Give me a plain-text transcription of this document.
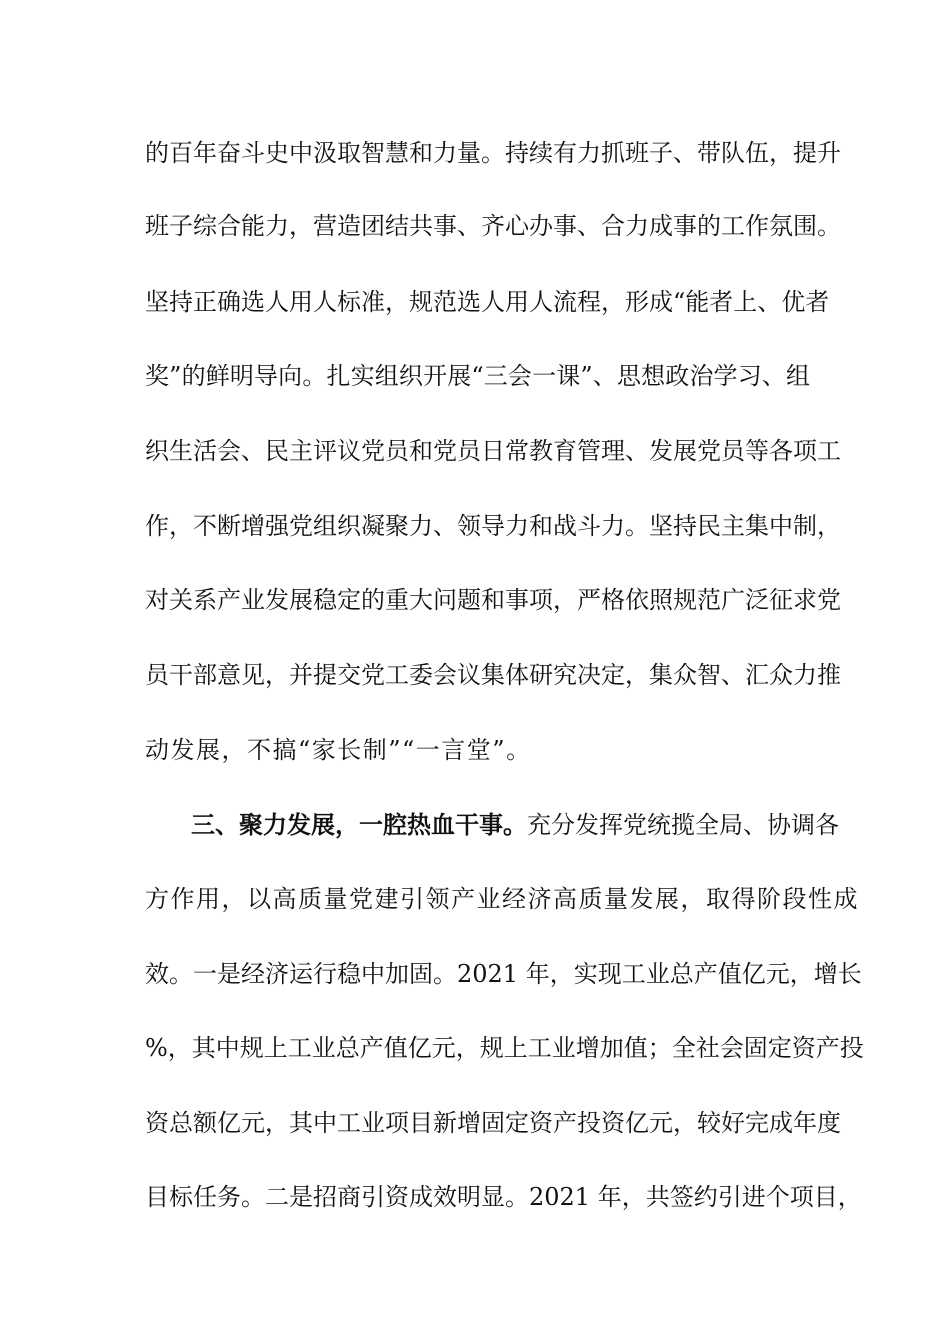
的百年奋斗史中汲取智慧和力量。持续有力抓班子、带队伍，提升
班子综合能力，营造团结共事、齐心办事、合力成事的工作氛围。
坚持正确选人用人标准，规范选人用人流程，形成“能者上、优者
奖”的鲜明导向。扎实组织开展“三会一课”、思想政治学习、组
织生活会、民主评议党员和党员日常教育管理、发展党员等各项工
作，不断增强党组织凝聚力、领导力和战斗力。坚持民主集中制，
对关系产业发展稳定的重大问题和事项，严格依照规范广泛征求党
员干部意见，并提交党工委会议集体研究决定，集众智、汇众力推
动发展，不搞“家长制”“一言堂”。
三、聚力发展，一腔热血干事。充分发挥党统揽全局、协调各
方作用，以高质量党建引领产业经济高质量发展，取得阶段性成
效。一是经济运行稳中加固。2021 年，实现工业总产值亿元，增长
%，其中规上工业总产值亿元，规上工业增加值；全社会固定资产投
资总额亿元，其中工业项目新增固定资产投资亿元，较好完成年度
目标任务。二是招商引资成效明显。2021 年，共签约引进个项目，
